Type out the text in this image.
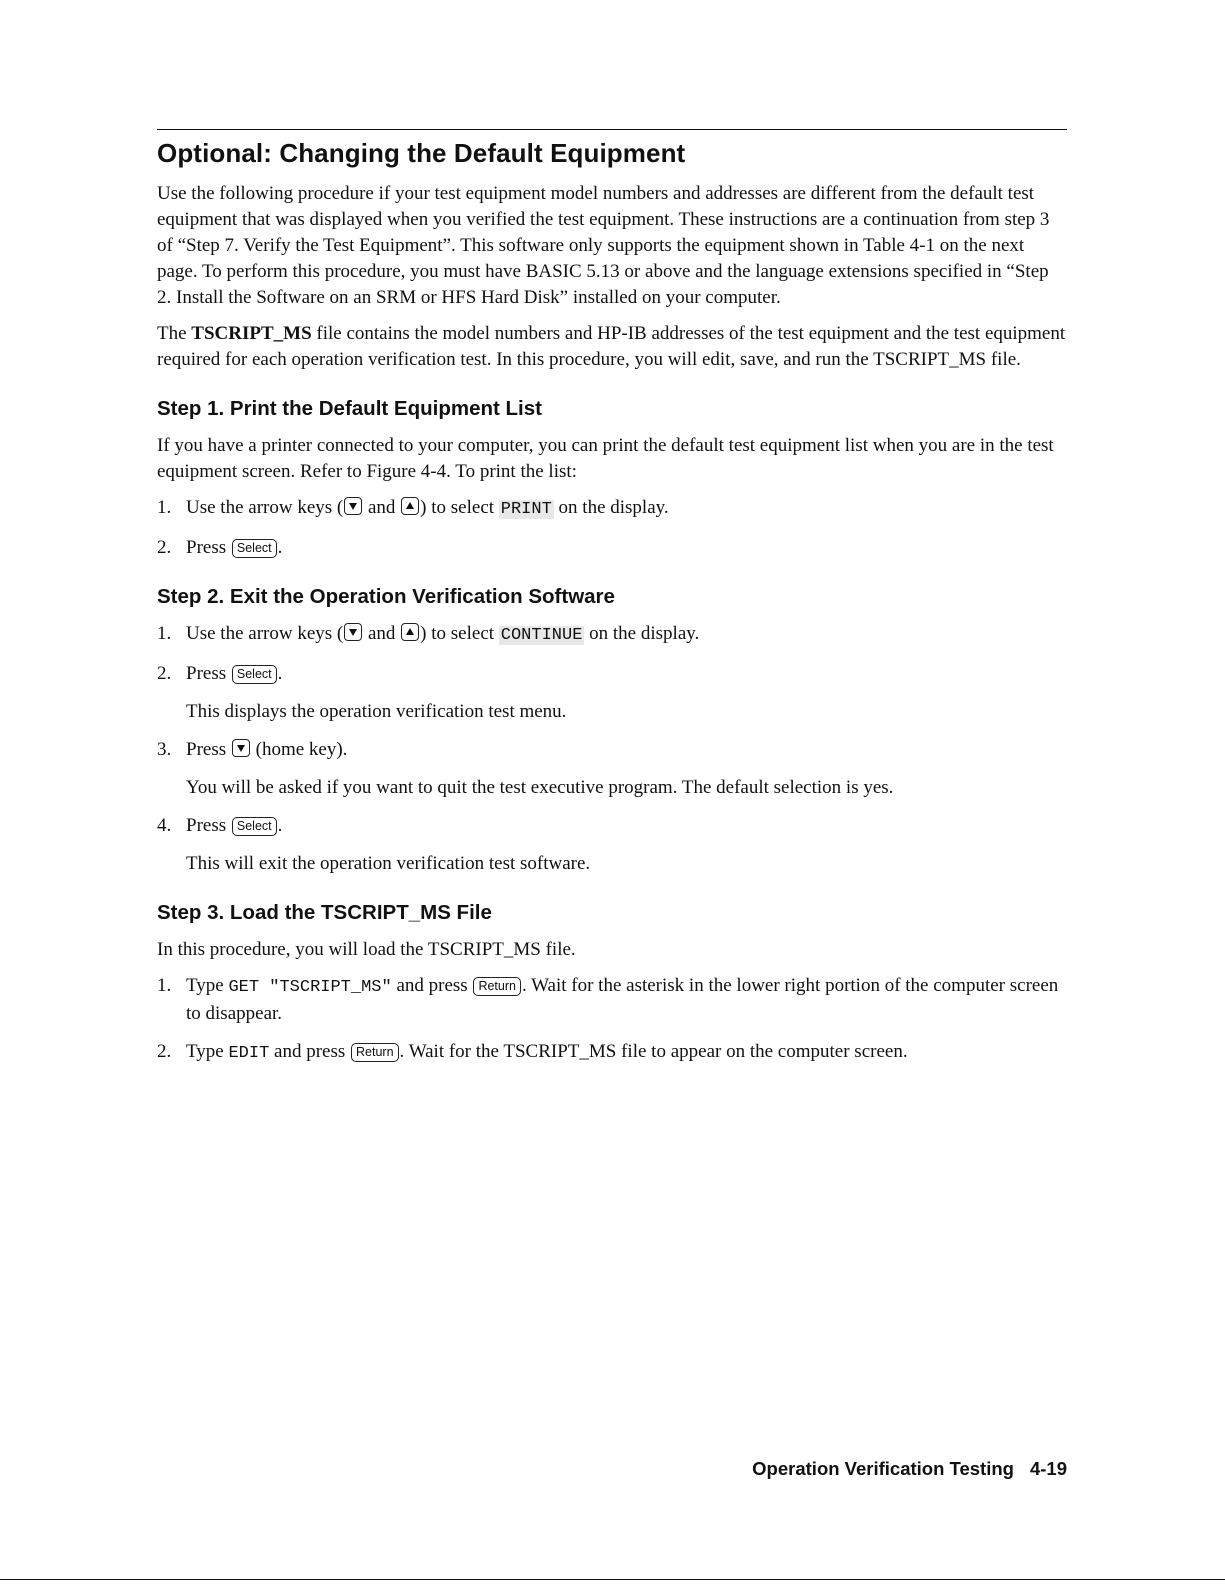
Optional: Changing the Default Equipment

Use the following procedure if your test equipment model numbers and addresses are different from the default test equipment that was displayed when you verified the test equipment. These instructions are a continuation from step 3 of “Step 7. Verify the Test Equipment”. This software only supports the equipment shown in Table 4-1 on the next page. To perform this procedure, you must have BASIC 5.13 or above and the language extensions specified in “Step 2. Install the Software on an SRM or HFS Hard Disk” installed on your computer.

The TSCRIPT_MS file contains the model numbers and HP-IB addresses of the test equipment and the test equipment required for each operation verification test. In this procedure, you will edit, save, and run the TSCRIPT_MS file.

Step 1. Print the Default Equipment List

If you have a printer connected to your computer, you can print the default test equipment list when you are in the test equipment screen. Refer to Figure 4-4. To print the list:

1. Use the arrow keys (
and
) to select PRINT on the display.
2. Press Select .
Step 2. Exit the Operation Verification Software
1. Use the arrow keys (
and
) to select CONTINUE on the display.
2. Press Select .
This displays the operation verification test menu.
3. Press
(home key).
You will be asked if you want to quit the test executive program. The default selection is yes.
4. Press Select .
This will exit the operation verification test software.
Step 3. Load the TSCRIPT_MS File

In this procedure, you will load the TSCRIPT_MS file.

1. Type GET "TSCRIPT_MS" and press Return . Wait for the asterisk in the lower right portion of the computer screen to disappear.
2. Type EDIT and press Return . Wait for the TSCRIPT_MS file to appear on the computer screen.
Operation Verification Testing 4-19
